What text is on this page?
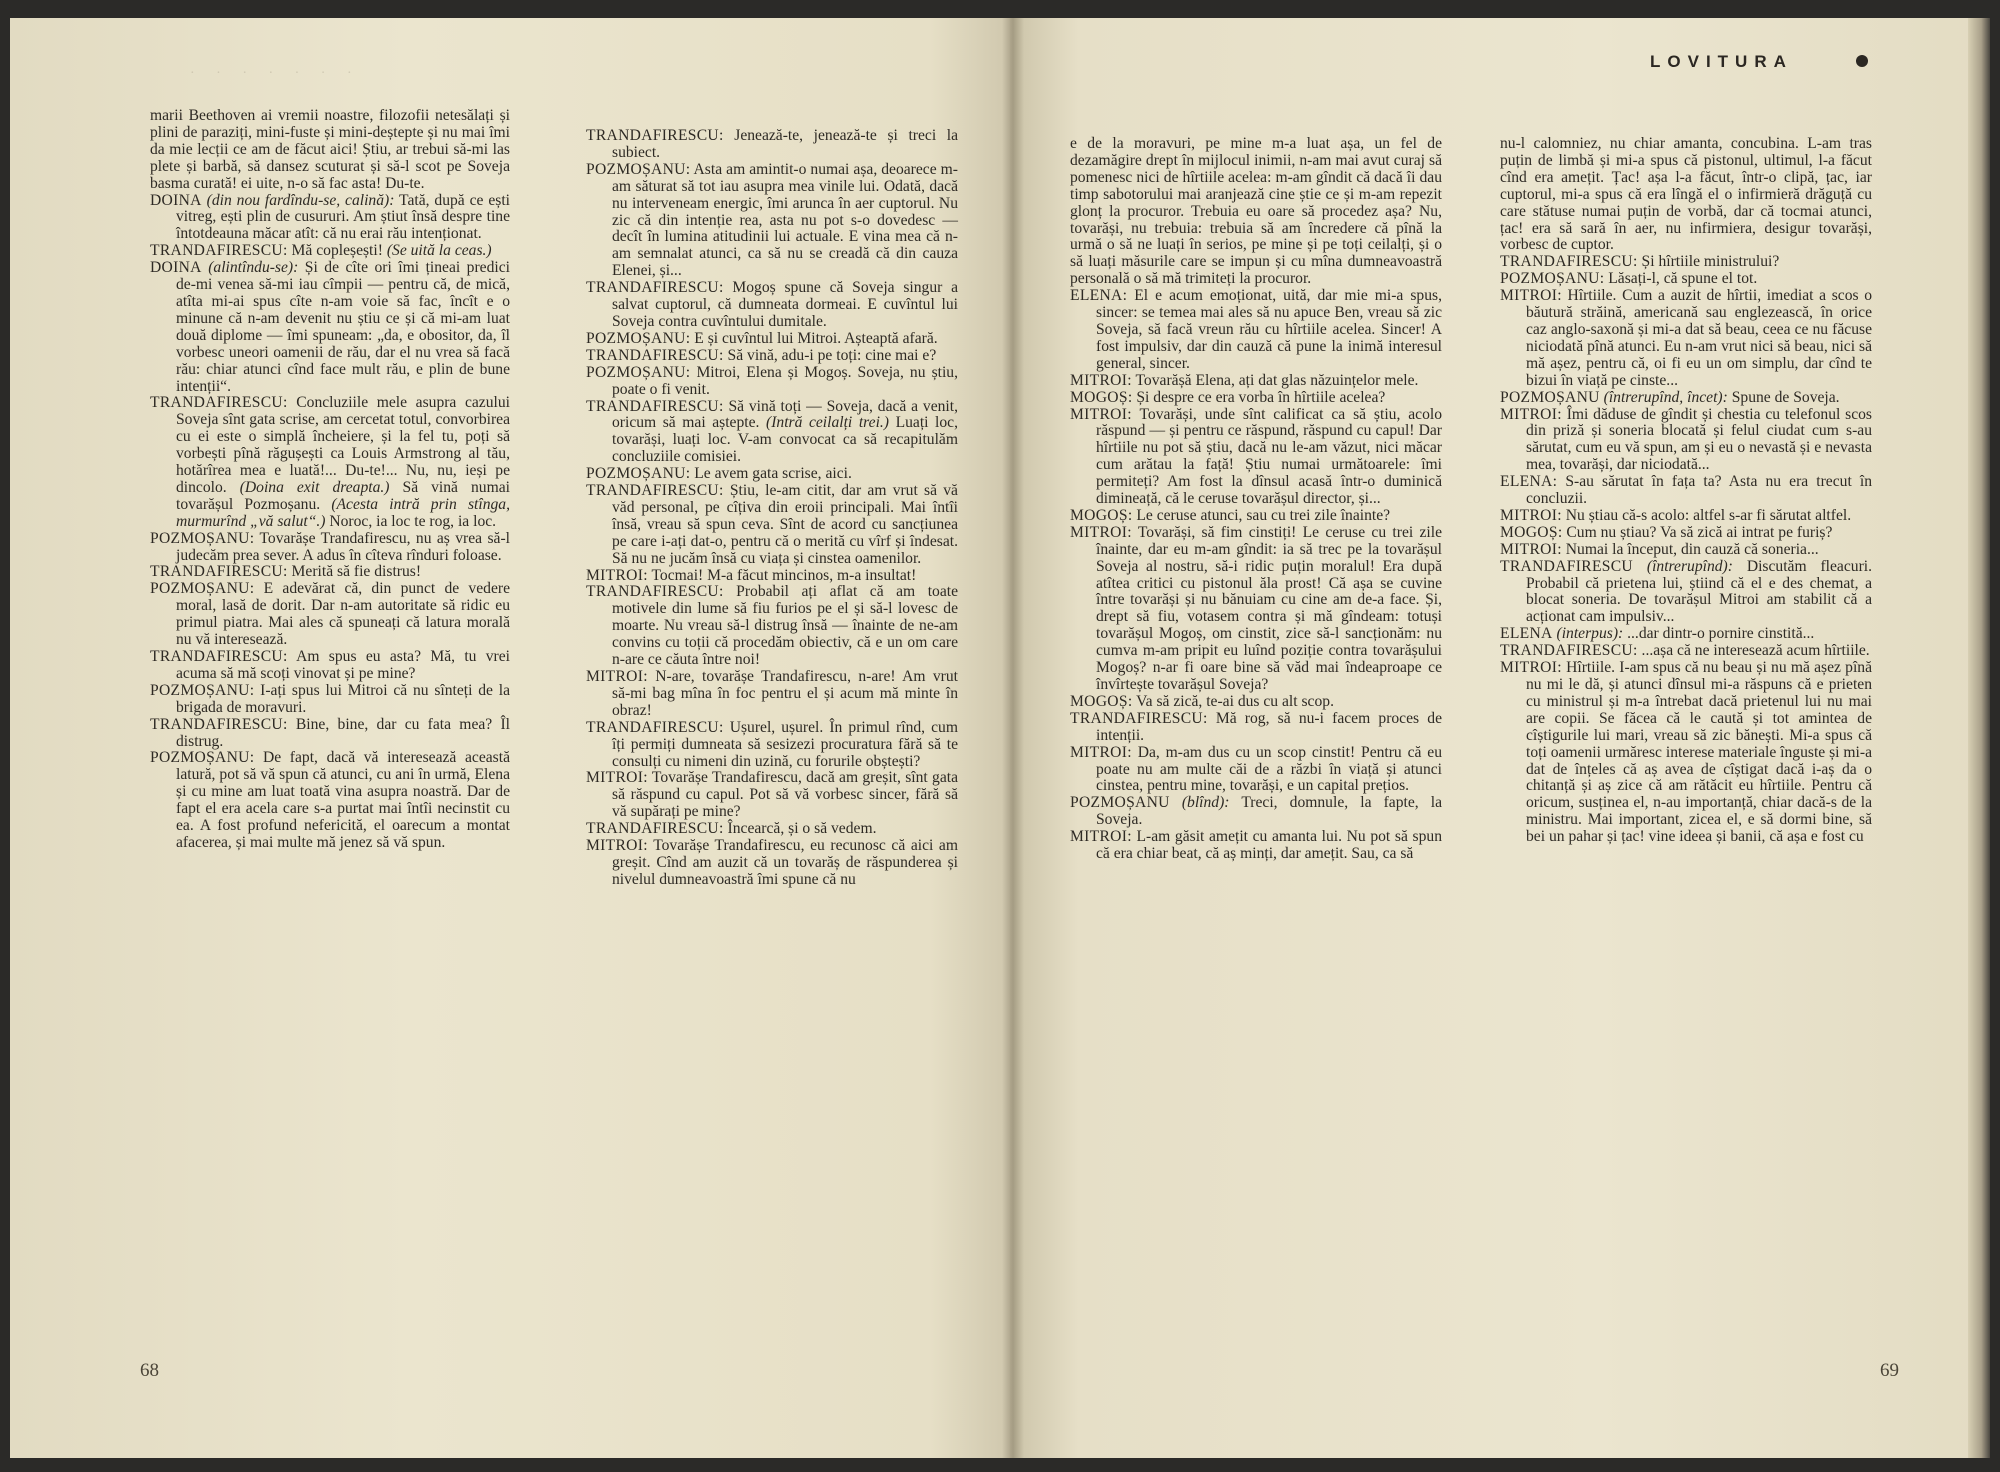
· · · · · · ·

marii Beethoven ai vremii noastre, filozofii netesălați și plini de paraziți, mini-fuste și mini-deștepte și nu mai îmi da mie lecții ce am de făcut aici! Știu, ar trebui să-mi las plete și barbă, să dansez scuturat și să-l scot pe Soveja basma curată! ei uite, n-o să fac asta! Du-te.

DOINA (din nou fardîndu-se, calină): Tată, după ce ești vitreg, ești plin de cusururi. Am știut însă despre tine întotdeauna măcar atît: că nu erai rău intenționat.

TRANDAFIRESCU: Mă copleșești! (Se uită la ceas.)

DOINA (alintîndu-se): Și de cîte ori îmi țineai predici de-mi venea să-mi iau cîmpii — pentru că, de mică, atîta mi-ai spus cîte n-am voie să fac, încît e o minune că n-am devenit nu știu ce și că mi-am luat două diplome — îmi spuneam: „da, e obositor, da, îl vorbesc uneori oamenii de rău, dar el nu vrea să facă rău: chiar atunci cînd face mult rău, e plin de bune intenții“.

TRANDAFIRESCU: Concluziile mele asupra cazului Soveja sînt gata scrise, am cercetat totul, convorbirea cu ei este o simplă încheiere, și la fel tu, poți să vorbești pînă răgușești ca Louis Armstrong al tău, hotărîrea mea e luată!... Du-te!... Nu, nu, ieși pe dincolo. (Doina exit dreapta.) Să vină numai tovarășul Pozmoșanu. (Acesta intră prin stînga, murmurînd „vă salut“.) Noroc, ia loc te rog, ia loc.

POZMOȘANU: Tovarășe Trandafirescu, nu aș vrea să-l judecăm prea sever. A adus în cîteva rînduri foloase.

TRANDAFIRESCU: Merită să fie distrus!

POZMOȘANU: E adevărat că, din punct de vedere moral, lasă de dorit. Dar n-am autoritate să ridic eu primul piatra. Mai ales că spuneați că latura morală nu vă interesează.

TRANDAFIRESCU: Am spus eu asta? Mă, tu vrei acuma să mă scoți vinovat și pe mine?

POZMOȘANU: I-ați spus lui Mitroi că nu sînteți de la brigada de moravuri.

TRANDAFIRESCU: Bine, bine, dar cu fata mea? Îl distrug.

POZMOȘANU: De fapt, dacă vă interesează această latură, pot să vă spun că atunci, cu ani în urmă, Elena și cu mine am luat toată vina asupra noastră. Dar de fapt el era acela care s-a purtat mai întîi necinstit cu ea. A fost profund nefericită, el oarecum a montat afacerea, și mai multe mă jenez să vă spun.

TRANDAFIRESCU: Jenează-te, jenează-te și treci la subiect.

POZMOȘANU: Asta am amintit-o numai așa, deoarece m-am săturat să tot iau asupra mea vinile lui. Odată, dacă nu interveneam energic, îmi arunca în aer cuptorul. Nu zic că din intenție rea, asta nu pot s-o dovedesc — decît în lumina atitudinii lui actuale. E vina mea că n-am semnalat atunci, ca să nu se creadă că din cauza Elenei, și...

TRANDAFIRESCU: Mogoș spune că Soveja singur a salvat cuptorul, că dumneata dormeai. E cuvîntul lui Soveja contra cuvîntului dumitale.

POZMOȘANU: E și cuvîntul lui Mitroi. Așteaptă afară.

TRANDAFIRESCU: Să vină, adu-i pe toți: cine mai e?

POZMOȘANU: Mitroi, Elena și Mogoș. Soveja, nu știu, poate o fi venit.

TRANDAFIRESCU: Să vină toți — Soveja, dacă a venit, oricum să mai aștepte. (Intră ceilalți trei.) Luați loc, tovarăși, luați loc. V-am convocat ca să recapitulăm concluziile comisiei.

POZMOȘANU: Le avem gata scrise, aici.

TRANDAFIRESCU: Știu, le-am citit, dar am vrut să vă văd personal, pe cîțiva din eroii principali. Mai întîi însă, vreau să spun ceva. Sînt de acord cu sancțiunea pe care i-ați dat-o, pentru că o merită cu vîrf și îndesat. Să nu ne jucăm însă cu viața și cinstea oamenilor.

MITROI: Tocmai! M-a făcut mincinos, m-a insultat!

TRANDAFIRESCU: Probabil ați aflat că am toate motivele din lume să fiu furios pe el și să-l lovesc de moarte. Nu vreau să-l distrug însă — înainte de ne-am convins cu toții că procedăm obiectiv, că e un om care n-are ce căuta între noi!

MITROI: N-are, tovarășe Trandafirescu, n-are! Am vrut să-mi bag mîna în foc pentru el și acum mă minte în obraz!

TRANDAFIRESCU: Ușurel, ușurel. În primul rînd, cum îți permiți dumneata să sesizezi procuratura fără să te consulți cu nimeni din uzină, cu forurile obștești?

MITROI: Tovarășe Trandafirescu, dacă am greșit, sînt gata să răspund cu capul. Pot să vă vorbesc sincer, fără să vă supărați pe mine?

TRANDAFIRESCU: Încearcă, și o să vedem.

MITROI: Tovarășe Trandafirescu, eu recunosc că aici am greșit. Cînd am auzit că un tovarăș de răspunderea și nivelul dumneavoastră îmi spune că nu

68
LOVITURA

e de la moravuri, pe mine m-a luat așa, un fel de dezamăgire drept în mijlocul inimii, n-am mai avut curaj să pomenesc nici de hîrtiile acelea: m-am gîndit că dacă îi dau timp sabotorului mai aranjează cine știe ce și m-am repezit glonț la procuror. Trebuia eu oare să procedez așa? Nu, tovarăși, nu trebuia: trebuia să am încredere că pînă la urmă o să ne luați în serios, pe mine și pe toți ceilalți, și o să luați măsurile care se impun și cu mîna dumneavoastră personală o să mă trimiteți la procuror.

ELENA: El e acum emoționat, uită, dar mie mi-a spus, sincer: se temea mai ales să nu apuce Ben, vreau să zic Soveja, să facă vreun rău cu hîrtiile acelea. Sincer! A fost impulsiv, dar din cauză că pune la inimă interesul general, sincer.

MITROI: Tovarășă Elena, ați dat glas năzuințelor mele.

MOGOȘ: Și despre ce era vorba în hîrtiile acelea?

MITROI: Tovarăși, unde sînt calificat ca să știu, acolo răspund — și pentru ce răspund, răspund cu capul! Dar hîrtiile nu pot să știu, dacă nu le-am văzut, nici măcar cum arătau la față! Știu numai următoarele: îmi permiteți? Am fost la dînsul acasă într-o duminică dimineață, că le ceruse tovarășul director, și...

MOGOȘ: Le ceruse atunci, sau cu trei zile înainte?

MITROI: Tovarăși, să fim cinstiți! Le ceruse cu trei zile înainte, dar eu m-am gîndit: ia să trec pe la tovarășul Soveja al nostru, să-i ridic puțin moralul! Era după atîtea critici cu pistonul ăla prost! Că așa se cuvine între tovarăși și nu bănuiam cu cine am de-a face. Și, drept să fiu, votasem contra și mă gîndeam: totuși tovarășul Mogoș, om cinstit, zice să-l sancționăm: nu cumva m-am pripit eu luînd poziție contra tovarășului Mogoș? n-ar fi oare bine să văd mai îndeaproape ce învîrtește tovarășul Soveja?

MOGOȘ: Va să zică, te-ai dus cu alt scop.

TRANDAFIRESCU: Mă rog, să nu-i facem proces de intenții.

MITROI: Da, m-am dus cu un scop cinstit! Pentru că eu poate nu am multe căi de a răzbi în viață și atunci cinstea, pentru mine, tovarăși, e un capital prețios.

POZMOȘANU (blînd): Treci, domnule, la fapte, la Soveja.

MITROI: L-am găsit amețit cu amanta lui. Nu pot să spun că era chiar beat, că aș minți, dar amețit. Sau, ca să

nu-l calomniez, nu chiar amanta, concubina. L-am tras puțin de limbă și mi-a spus că pistonul, ultimul, l-a făcut cînd era amețit. Țac! așa l-a făcut, într-o clipă, țac, iar cuptorul, mi-a spus că era lîngă el o infirmieră drăguță cu care stătuse numai puțin de vorbă, dar că tocmai atunci, țac! era să sară în aer, nu infirmiera, desigur tovarăși, vorbesc de cuptor.

TRANDAFIRESCU: Și hîrtiile ministrului?

POZMOȘANU: Lăsați-l, că spune el tot.

MITROI: Hîrtiile. Cum a auzit de hîrtii, imediat a scos o băutură străină, americană sau englezească, în orice caz anglo-saxonă și mi-a dat să beau, ceea ce nu făcuse niciodată pînă atunci. Eu n-am vrut nici să beau, nici să mă așez, pentru că, oi fi eu un om simplu, dar cînd te bizui în viață pe cinste...

POZMOȘANU (întrerupînd, încet): Spune de Soveja.

MITROI: Îmi dăduse de gîndit și chestia cu telefonul scos din priză și soneria blocată și felul ciudat cum s-au sărutat, cum eu vă spun, am și eu o nevastă și e nevasta mea, tovarăși, dar niciodată...

ELENA: S-au sărutat în fața ta? Asta nu era trecut în concluzii.

MITROI: Nu știau că-s acolo: altfel s-ar fi sărutat altfel.

MOGOȘ: Cum nu știau? Va să zică ai intrat pe furiș?

MITROI: Numai la început, din cauză că soneria...

TRANDAFIRESCU (întrerupînd): Discutăm fleacuri. Probabil că prietena lui, știind că el e des chemat, a blocat soneria. De tovarășul Mitroi am stabilit că a acționat cam impulsiv...

ELENA (interpus): ...dar dintr-o pornire cinstită...

TRANDAFIRESCU: ...așa că ne interesează acum hîrtiile.

MITROI: Hîrtiile. I-am spus că nu beau și nu mă așez pînă nu mi le dă, și atunci dînsul mi-a răspuns că e prieten cu ministrul și m-a întrebat dacă prietenul lui nu mai are copii. Se făcea că le caută și tot amintea de cîștigurile lui mari, vreau să zic bănești. Mi-a spus că toți oamenii urmăresc interese materiale înguste și mi-a dat de înțeles că aș avea de cîștigat dacă i-aș da o chitanță și aș zice că am rătăcit eu hîrtiile. Pentru că oricum, susținea el, n-au importanță, chiar dacă-s de la ministru. Mai important, zicea el, e să dormi bine, să bei un pahar și țac! vine ideea și banii, că așa e fost cu

69
